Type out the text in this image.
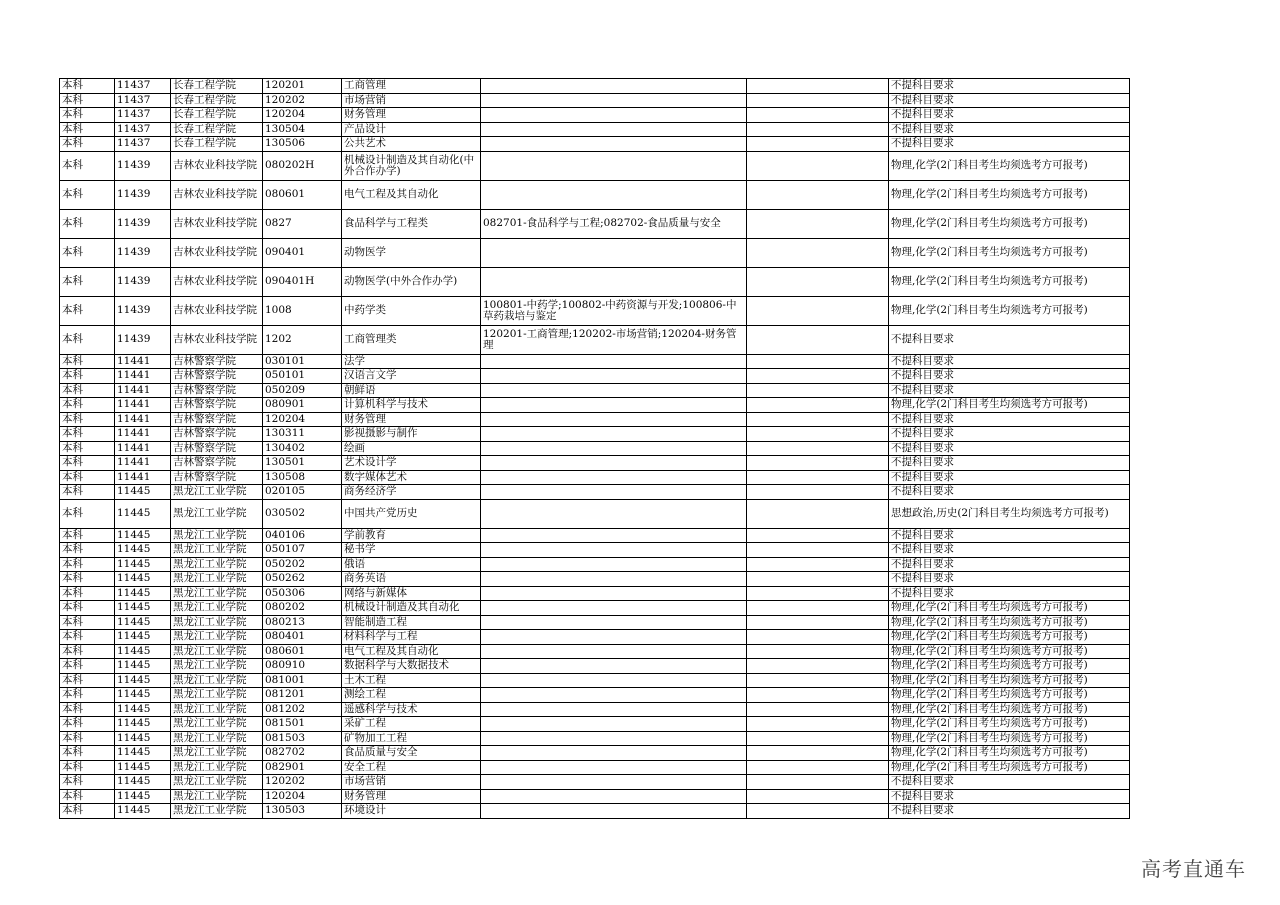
本科	11437	长春工程学院	120201	工商管理			不提科目要求
本科	11437	长春工程学院	120202	市场营销			不提科目要求
本科	11437	长春工程学院	120204	财务管理			不提科目要求
本科	11437	长春工程学院	130504	产品设计			不提科目要求
本科	11437	长春工程学院	130506	公共艺术			不提科目要求
本科	11439	吉林农业科技学院	080202H	机械设计制造及其自动化(中外合作办学)			物理,化学(2门科目考生均须选考方可报考)
本科	11439	吉林农业科技学院	080601	电气工程及其自动化			物理,化学(2门科目考生均须选考方可报考)
本科	11439	吉林农业科技学院	0827	食品科学与工程类	082701-食品科学与工程;082702-食品质量与安全		物理,化学(2门科目考生均须选考方可报考)
本科	11439	吉林农业科技学院	090401	动物医学			物理,化学(2门科目考生均须选考方可报考)
本科	11439	吉林农业科技学院	090401H	动物医学(中外合作办学)			物理,化学(2门科目考生均须选考方可报考)
本科	11439	吉林农业科技学院	1008	中药学类	100801-中药学;100802-中药资源与开发;100806-中草药栽培与鉴定		物理,化学(2门科目考生均须选考方可报考)
本科	11439	吉林农业科技学院	1202	工商管理类	120201-工商管理;120202-市场营销;120204-财务管理		不提科目要求
本科	11441	吉林警察学院	030101	法学			不提科目要求
本科	11441	吉林警察学院	050101	汉语言文学			不提科目要求
本科	11441	吉林警察学院	050209	朝鲜语			不提科目要求
本科	11441	吉林警察学院	080901	计算机科学与技术			物理,化学(2门科目考生均须选考方可报考)
本科	11441	吉林警察学院	120204	财务管理			不提科目要求
本科	11441	吉林警察学院	130311	影视摄影与制作			不提科目要求
本科	11441	吉林警察学院	130402	绘画			不提科目要求
本科	11441	吉林警察学院	130501	艺术设计学			不提科目要求
本科	11441	吉林警察学院	130508	数字媒体艺术			不提科目要求
本科	11445	黑龙江工业学院	020105	商务经济学			不提科目要求
本科	11445	黑龙江工业学院	030502	中国共产党历史			思想政治,历史(2门科目考生均须选考方可报考)
本科	11445	黑龙江工业学院	040106	学前教育			不提科目要求
本科	11445	黑龙江工业学院	050107	秘书学			不提科目要求
本科	11445	黑龙江工业学院	050202	俄语			不提科目要求
本科	11445	黑龙江工业学院	050262	商务英语			不提科目要求
本科	11445	黑龙江工业学院	050306	网络与新媒体			不提科目要求
本科	11445	黑龙江工业学院	080202	机械设计制造及其自动化			物理,化学(2门科目考生均须选考方可报考)
本科	11445	黑龙江工业学院	080213	智能制造工程			物理,化学(2门科目考生均须选考方可报考)
本科	11445	黑龙江工业学院	080401	材料科学与工程			物理,化学(2门科目考生均须选考方可报考)
本科	11445	黑龙江工业学院	080601	电气工程及其自动化			物理,化学(2门科目考生均须选考方可报考)
本科	11445	黑龙江工业学院	080910	数据科学与大数据技术			物理,化学(2门科目考生均须选考方可报考)
本科	11445	黑龙江工业学院	081001	土木工程			物理,化学(2门科目考生均须选考方可报考)
本科	11445	黑龙江工业学院	081201	测绘工程			物理,化学(2门科目考生均须选考方可报考)
本科	11445	黑龙江工业学院	081202	遥感科学与技术			物理,化学(2门科目考生均须选考方可报考)
本科	11445	黑龙江工业学院	081501	采矿工程			物理,化学(2门科目考生均须选考方可报考)
本科	11445	黑龙江工业学院	081503	矿物加工工程			物理,化学(2门科目考生均须选考方可报考)
本科	11445	黑龙江工业学院	082702	食品质量与安全			物理,化学(2门科目考生均须选考方可报考)
本科	11445	黑龙江工业学院	082901	安全工程			物理,化学(2门科目考生均须选考方可报考)
本科	11445	黑龙江工业学院	120202	市场营销			不提科目要求
本科	11445	黑龙江工业学院	120204	财务管理			不提科目要求
本科	11445	黑龙江工业学院	130503	环境设计			不提科目要求
高考直通车
